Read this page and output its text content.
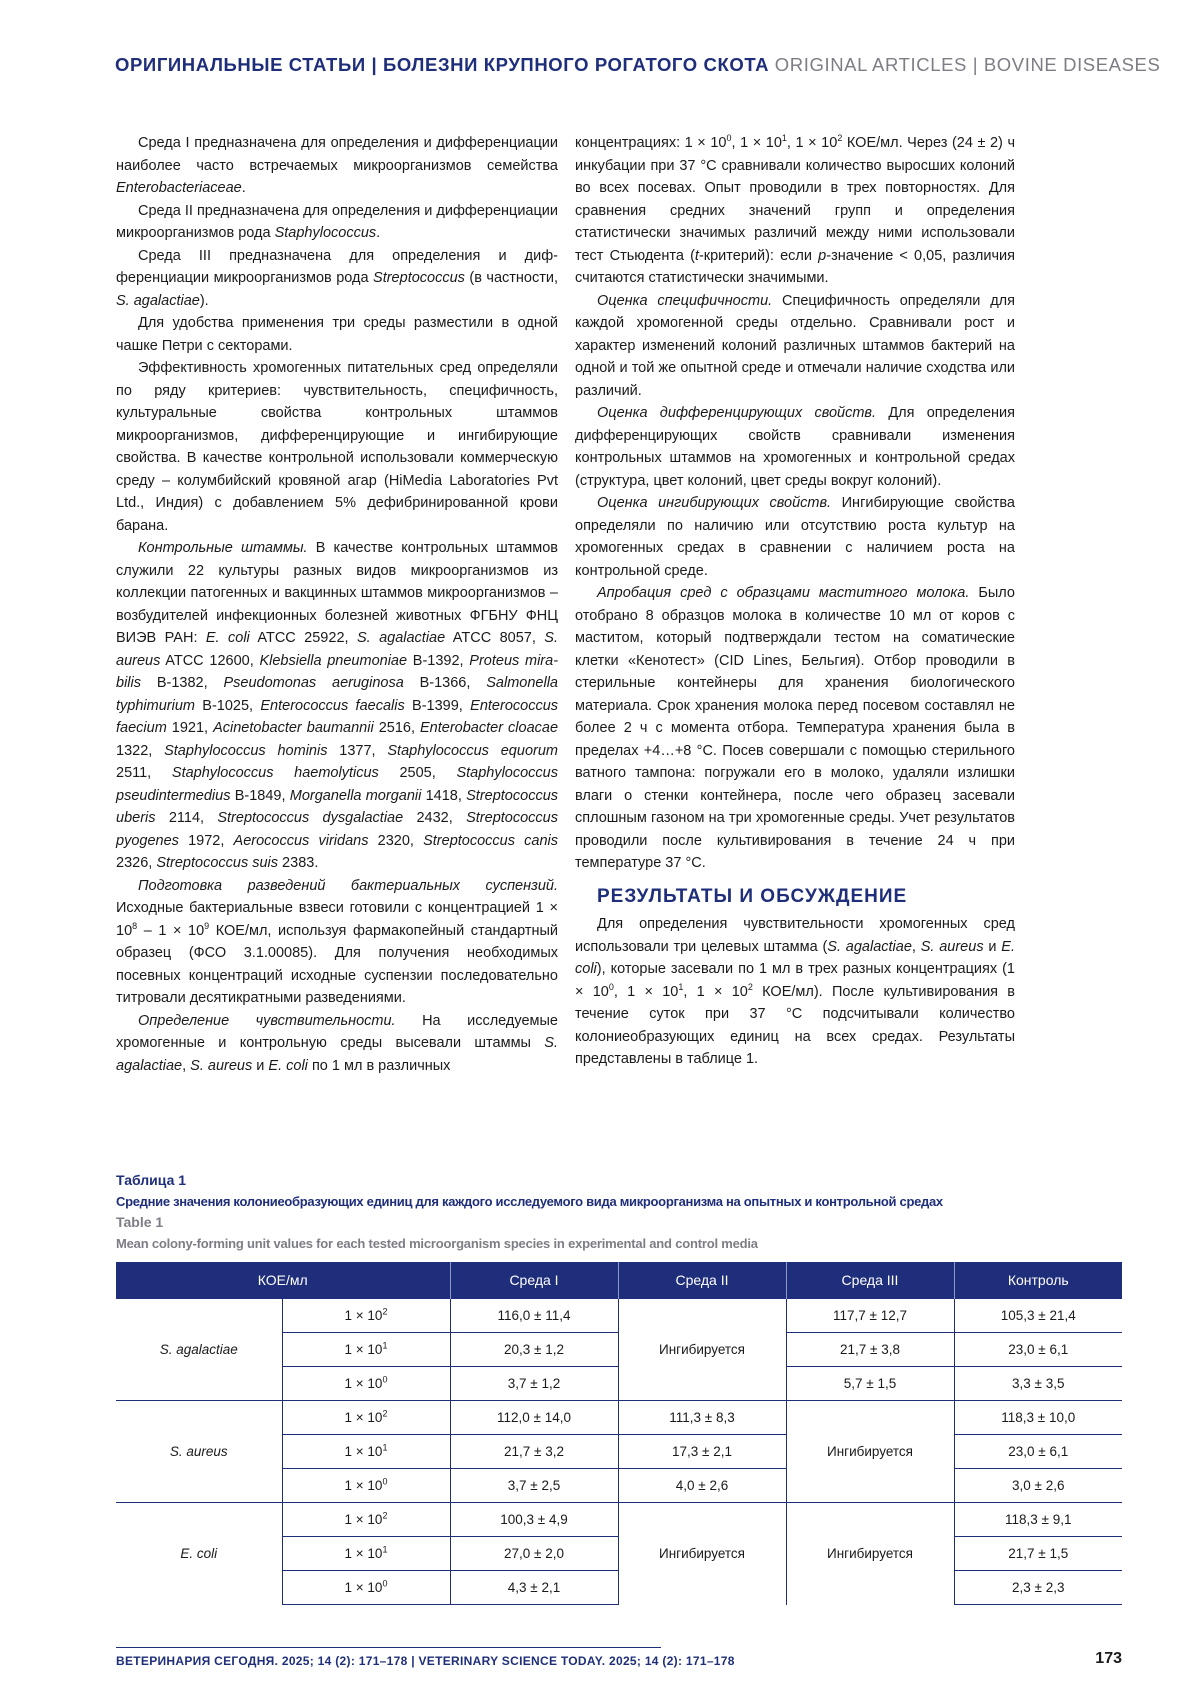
ОРИГИНАЛЬНЫЕ СТАТЬИ | БОЛЕЗНИ КРУПНОГО РОГАТОГО СКОТА ORIGINAL ARTICLES | BOVINE DISEASES

Среда I предназначена для определения и диффе­ренциации наиболее часто встречаемых микроорга­низмов семейства Enterobacteriaceae.

Среда II предназначена для определения и диффе­ренциации микроорганизмов рода Staphylococcus.

Среда III предназначена для определения и диф­ференциации микроорганизмов рода Streptococcus (в частности, S. agalactiae).

Для удобства применения три среды разместили в одной чашке Петри с секторами.

Эффективность хромогенных питательных сред определяли по ряду критериев: чувствительность, специфичность, культуральные свойства контроль­ных штаммов микроорганизмов, дифференцирующие и ингибирующие свойства. В качестве контрольной использовали коммерческую среду – колумбийский кровяной агар (HiMedia Laboratories Pvt Ltd., Индия) с добавлением 5% дефибринированной крови барана.

Контрольные штаммы. В качестве контрольных штаммов служили 22 культуры разных видов микро­организмов из коллекции патогенных и вакцинных штаммов микроорганизмов – возбудителей инфек­ционных болезней животных ФГБНУ ФНЦ ВИЭВ РАН: E. coli ATCC 25922, S. agalactiae ATCC 8057, S. aureus ATCC 12600, Klebsiella pneumoniae B-1392, Proteus mira­bilis B-1382, Pseudomonas aeruginosa B-1366, Salmonella typhimurium B-1025, Enterococcus faecalis B-1399, En­terococcus faecium 1921, Acinetobacter baumannii 2516, Enterobacter cloacae 1322, Staphylococcus hominis 1377, Staphylococcus equorum 2511, Staphylococcus haemoly­ticus 2505, Staphylococcus pseudintermedius B-1849, Mor­ganella morganii 1418, Streptococcus uberis 2114, Strep­tococcus dysgalactiae 2432, Streptococcus pyogenes 1972, Aerococcus viridans 2320, Streptococcus canis 2326, Strepto­coccus suis 2383.

Подготовка разведений бактериальных суспензий. Исходные бактериальные взвеси готовили с концен­трацией 1 × 108 – 1 × 109 КОЕ/мл, используя фарма­копейный стандартный образец (ФСО 3.1.00085). Для получения необходимых посевных концентраций ис­ходные суспензии последовательно титровали десяти­кратными разведениями.

Определение чувствительности. На исследуемые хромогенные и контрольную среды высевали штам­мы S. agalactiae, S. aureus и E. coli по 1 мл в различных

концентрациях: 1 × 100, 1 × 101, 1 × 102 КОЕ/мл. Через (24 ± 2) ч инкубации при 37 °C сравнивали количество выросших колоний во всех посевах. Опыт проводили в трех повторностях. Для сравнения средних значе­ний групп и определения статистически значимых различий между ними использовали тест Стьюдента (t-критерий): если p-значение < 0,05, различия счита­ются статистически значимыми.

Оценка специфичности. Специфичность определя­ли для каждой хромогенной среды отдельно. Сравни­вали рост и характер изменений колоний различных штаммов бактерий на одной и той же опытной среде и отмечали наличие сходства или различий.

Оценка дифференцирующих свойств. Для опреде­ления дифференцирующих свойств сравнивали изме­нения контрольных штаммов на хромогенных и кон­трольной средах (структура, цвет колоний, цвет среды вокруг колоний).

Оценка ингибирующих свойств. Ингибирующие свойства определяли по наличию или отсутствию роста культур на хромогенных средах в сравнении с наличи­ем роста на контрольной среде.

Апробация сред с образцами маститного молока. Было отобрано 8 образцов молока в количестве 10 мл от коров с маститом, который подтверждали тестом на соматические клетки «Кенотест» (CID Lines, Бель­гия). Отбор проводили в стерильные контейнеры для хранения биологического материала. Срок хранения молока перед посевом составлял не более 2 ч с мо­мента отбора. Температура хранения была в пределах +4…+8 °C. Посев совершали с помощью стерильного ватного тампона: погружали его в молоко, удаляли из­лишки влаги о стенки контейнера, после чего образец засевали сплошным газоном на три хромогенные сре­ды. Учет результатов проводили после культивирова­ния в течение 24 ч при температуре 37 °C.

РЕЗУЛЬТАТЫ И ОБСУЖДЕНИЕ

Для определения чувствительности хромогенных сред использовали три целевых штамма (S. agalactiae, S. aureus и E. coli), которые засевали по 1 мл в трех раз­ных концентрациях (1 × 100, 1 × 101, 1 × 102 КОЕ/мл). После культивирования в течение суток при 37 °C под­считывали количество колониеобразующих единиц на всех средах. Результаты представлены в таблице 1.

Таблица 1
Средние значения колониеобразующих единиц для каждого исследуемого вида микроорганизма на опытных и контрольной средах
Table 1
Mean colony-forming unit values for each tested microorganism species in experimental and control media
КОЕ/мл	Среда I	Среда II	Среда III	Контроль
S. agalactiae	1 × 102	116,0 ± 11,4	Ингибируется	117,7 ± 12,7	105,3 ± 21,4
1 × 101	20,3 ± 1,2	21,7 ± 3,8	23,0 ± 6,1
1 × 100	3,7 ± 1,2	5,7 ± 1,5	3,3 ± 3,5
S. aureus	1 × 102	112,0 ± 14,0	111,3 ± 8,3	Ингибируется	118,3 ± 10,0
1 × 101	21,7 ± 3,2	17,3 ± 2,1	23,0 ± 6,1
1 × 100	3,7 ± 2,5	4,0 ± 2,6	3,0 ± 2,6
E. coli	1 × 102	100,3 ± 4,9	Ингибируется	Ингибируется	118,3 ± 9,1
1 × 101	27,0 ± 2,0	21,7 ± 1,5
1 × 100	4,3 ± 2,1	2,3 ± 2,3
ВЕТЕРИНАРИЯ СЕГОДНЯ. 2025; 14 (2): 171–178 | VETERINARY SCIENCE TODAY. 2025; 14 (2): 171–178	173
